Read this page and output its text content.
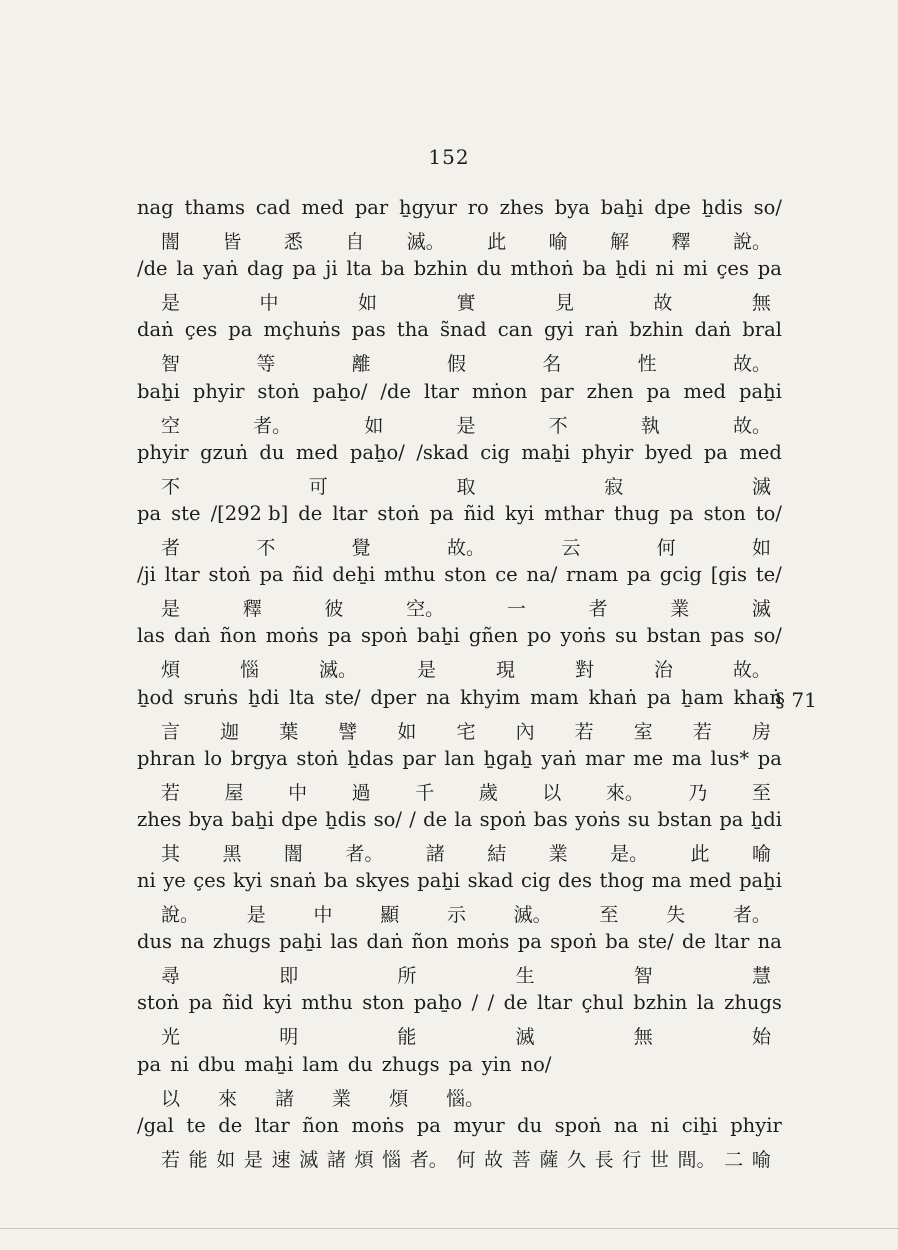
152
nag thams cad med par ẖgyur ro zhes bya baẖi dpe ẖdis so/
闇 皆 悉 自 滅。 此 喻 解 釋 說。
/de la yaṅ dag pa ji lta ba bzhin du mthoṅ ba ẖdi ni mi çes pa
是	中	如	實	見	故	無
daṅ çes pa mçhuṅs pas tha s̃nad can gyi raṅ bzhin daṅ bral
智	等	離	假	名	性	故。
baẖi phyir stoṅ paẖo/ /de ltar mṅon par zhen pa med paẖi
空	者。	如	是	不	執	故。
phyir gzuṅ du med paẖo/ /skad cig maẖi phyir byed pa med
不	可	取	寂	滅
pa ste /[292 b] de ltar stoṅ pa ñid kyi mthar thug pa ston to/
者	不	覺	故。	云	何	如
/ji ltar stoṅ pa ñid deẖi mthu ston ce na/ rnam pa gcig [gis te/
是	釋	彼	空。	一	者	業	滅
las daṅ ñon moṅs pa spoṅ baẖi gñen po yoṅs su bstan pas so/
煩	惱	滅。	是	現	對	治	故。
ẖod sruṅs ẖdi lta ste/ dper na khyim mam khaṅ pa ẖam khaṅ
言 迦 葉 譬 如 宅 內 若 室 若 房
phran lo brgya stoṅ ẖdas par lan ẖgaẖ yaṅ mar me ma lus* pa
若 屋 中 過 千 歲 以 來。 乃 至
zhes bya baẖi dpe ẖdis so/ / de la spoṅ bas yoṅs su bstan pa ẖdi
其 黑 闇 者。 諸 結 業 是。 此 喻
ni ye çes kyi snaṅ ba skyes paẖi skad cig des thog ma med paẖi
說。	是	中	顯	示	滅。	至	失	者。
dus na zhugs paẖi las daṅ ñon moṅs pa spoṅ ba ste/ de ltar na
尋	即	所	生	智	慧
stoṅ pa ñid kyi mthu ston paẖo / / de ltar çhul bzhin la zhugs
光	明	能	滅	無	始
pa ni dbu maẖi lam du zhugs pa yin no/
以 來 諸 業 煩 惱。
/gal te de ltar ñon moṅs pa myur du spoṅ na ni ciẖi phyir
若 能 如 是 速 滅 諸 煩 惱 者。 何 故 菩 薩 久 長 行 世 間。 二 喻
§ 71
